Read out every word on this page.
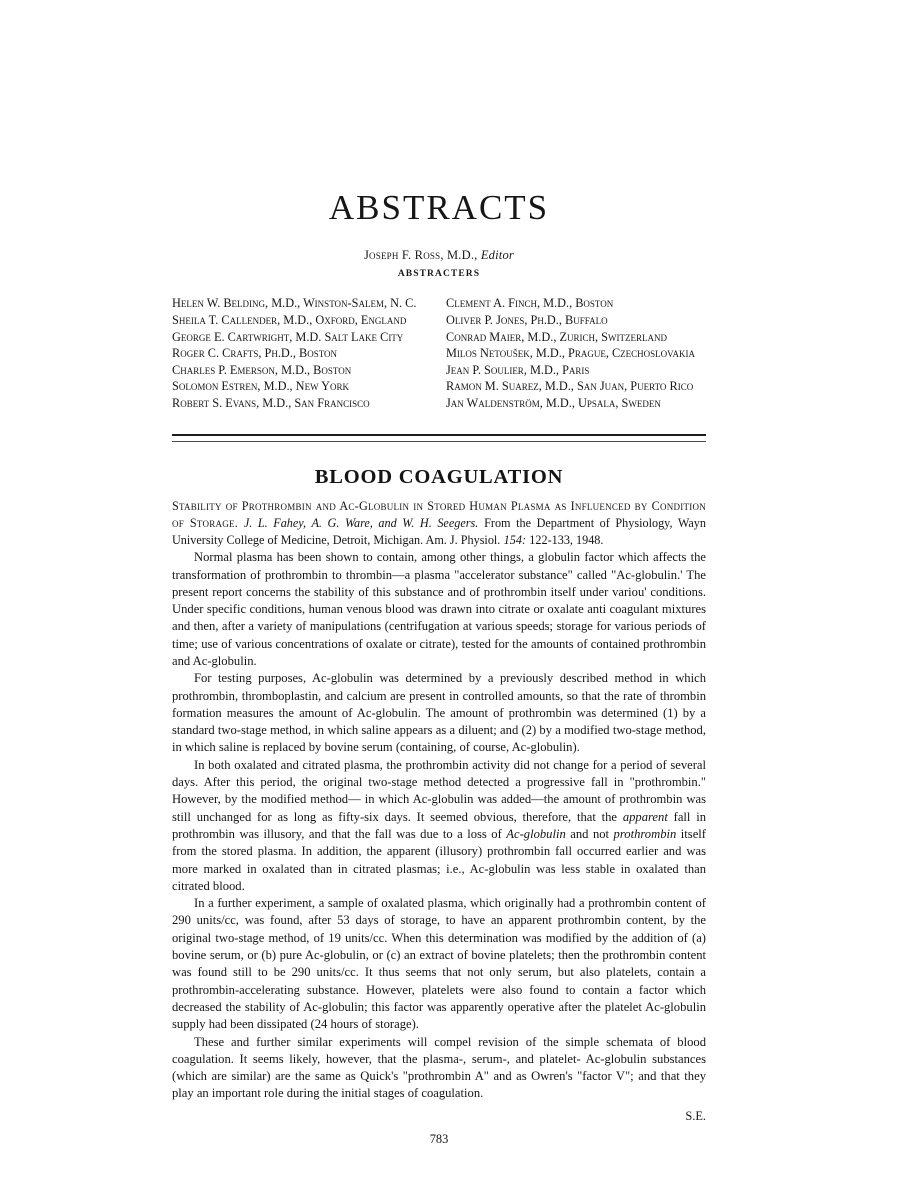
ABSTRACTS
Joseph F. Ross, M.D., Editor
ABSTRACTERS
Helen W. Belding, M.D., Winston-Salem, N. C.
Sheila T. Callender, M.D., Oxford, England
George E. Cartwright, M.D. Salt Lake City
Roger C. Crafts, Ph.D., Boston
Charles P. Emerson, M.D., Boston
Solomon Estren, M.D., New York
Robert S. Evans, M.D., San Francisco
Clement A. Finch, M.D., Boston
Oliver P. Jones, Ph.D., Buffalo
Conrad Maier, M.D., Zurich, Switzerland
Milos Netoušek, M.D., Prague, Czechoslovakia
Jean P. Soulier, M.D., Paris
Ramon M. Suarez, M.D., San Juan, Puerto Rico
Jan Waldenström, M.D., Upsala, Sweden
BLOOD COAGULATION
Stability of Prothrombin and Ac-Globulin in Stored Human Plasma as Influenced by Condition of Storage. J. L. Fahey, A. G. Ware, and W. H. Seegers. From the Department of Physiology, Wayn University College of Medicine, Detroit, Michigan. Am. J. Physiol. 154: 122-133, 1948.

Normal plasma has been shown to contain, among other things, a globulin factor which affects the transformation of prothrombin to thrombin—a plasma "accelerator substance" called "Ac-globulin.' The present report concerns the stability of this substance and of prothrombin itself under variou' conditions. Under specific conditions, human venous blood was drawn into citrate or oxalate anti coagulant mixtures and then, after a variety of manipulations (centrifugation at various speeds; storage for various periods of time; use of various concentrations of oxalate or citrate), tested for the amounts of contained prothrombin and Ac-globulin.

For testing purposes, Ac-globulin was determined by a previously described method in which prothrombin, thromboplastin, and calcium are present in controlled amounts, so that the rate of thrombin formation measures the amount of Ac-globulin. The amount of prothrombin was determined (1) by a standard two-stage method, in which saline appears as a diluent; and (2) by a modified two-stage method, in which saline is replaced by bovine serum (containing, of course, Ac-globulin).

In both oxalated and citrated plasma, the prothrombin activity did not change for a period of several days. After this period, the original two-stage method detected a progressive fall in "prothrombin." However, by the modified method— in which Ac-globulin was added—the amount of prothrombin was still unchanged for as long as fifty-six days. It seemed obvious, therefore, that the apparent fall in prothrombin was illusory, and that the fall was due to a loss of Ac-globulin and not prothrombin itself from the stored plasma. In addition, the apparent (illusory) prothrombin fall occurred earlier and was more marked in oxalated than in citrated plasmas; i.e., Ac-globulin was less stable in oxalated than citrated blood.

In a further experiment, a sample of oxalated plasma, which originally had a prothrombin content of 290 units/cc, was found, after 53 days of storage, to have an apparent prothrombin content, by the original two-stage method, of 19 units/cc. When this determination was modified by the addition of (a) bovine serum, or (b) pure Ac-globulin, or (c) an extract of bovine platelets; then the prothrombin content was found still to be 290 units/cc. It thus seems that not only serum, but also platelets, contain a prothrombin-accelerating substance. However, platelets were also found to contain a factor which decreased the stability of Ac-globulin; this factor was apparently operative after the platelet Ac-globulin supply had been dissipated (24 hours of storage).

These and further similar experiments will compel revision of the simple schemata of blood coagulation. It seems likely, however, that the plasma-, serum-, and platelet- Ac-globulin substances (which are similar) are the same as Quick's "prothrombin A" and as Owren's "factor V"; and that they play an important role during the initial stages of coagulation.

S.E.
783
